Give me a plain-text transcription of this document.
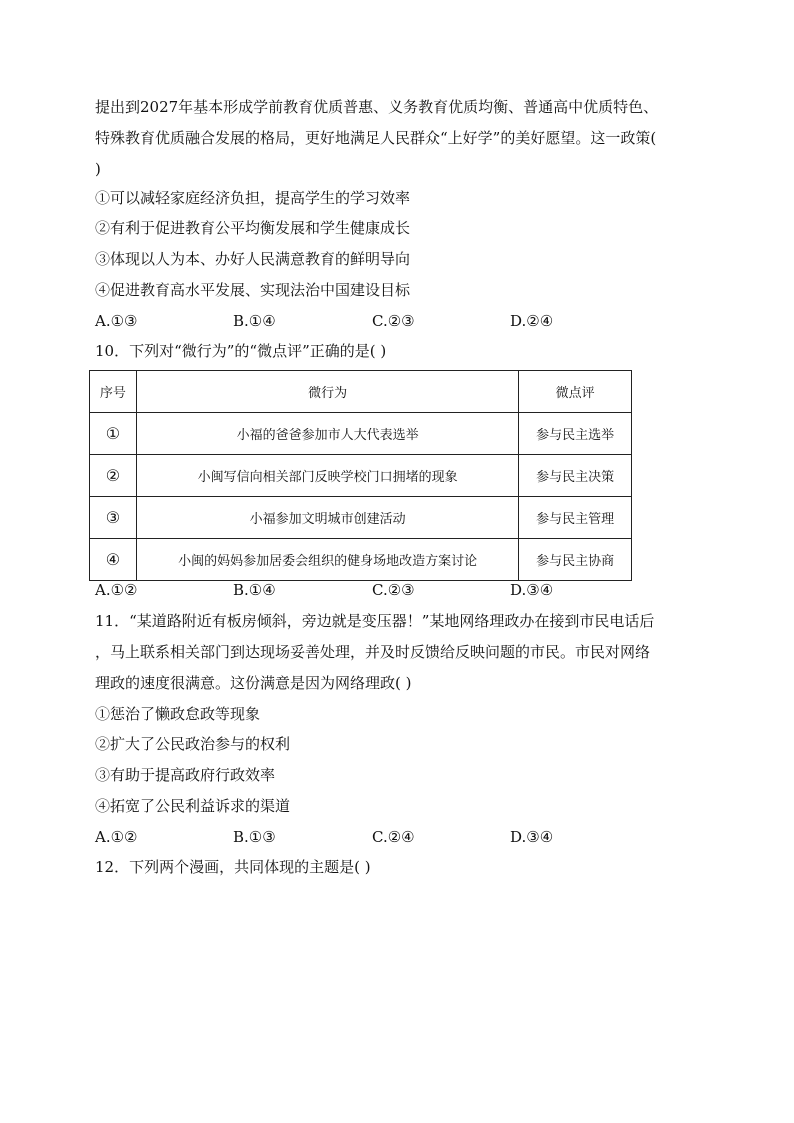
提出到2027年基本形成学前教育优质普惠、义务教育优质均衡、普通高中优质特色、
特殊教育优质融合发展的格局，更好地满足人民群众“上好学”的美好愿望。这一政策(
)
①可以减轻家庭经济负担，提高学生的学习效率
②有利于促进教育公平均衡发展和学生健康成长
③体现以人为本、办好人民满意教育的鲜明导向
④促进教育高水平发展、实现法治中国建设目标
A.①③	B.①④	C.②③	D.②④
10．下列对“微行为”的“微点评”正确的是( )
序号	微行为	微点评
①	小福的爸爸参加市人大代表选举	参与民主选举
②	小闽写信向相关部门反映学校门口拥堵的现象	参与民主决策
③	小福参加文明城市创建活动	参与民主管理
④	小闽的妈妈参加居委会组织的健身场地改造方案讨论	参与民主协商
A.①②	B.①④	C.②③	D.③④
11．“某道路附近有板房倾斜，旁边就是变压器！”某地网络理政办在接到市民电话后
，马上联系相关部门到达现场妥善处理，并及时反馈给反映问题的市民。市民对网络
理政的速度很满意。这份满意是因为网络理政( )
①惩治了懒政怠政等现象
②扩大了公民政治参与的权利
③有助于提高政府行政效率
④拓宽了公民利益诉求的渠道
A.①②	B.①③	C.②④	D.③④
12．下列两个漫画，共同体现的主题是( )
